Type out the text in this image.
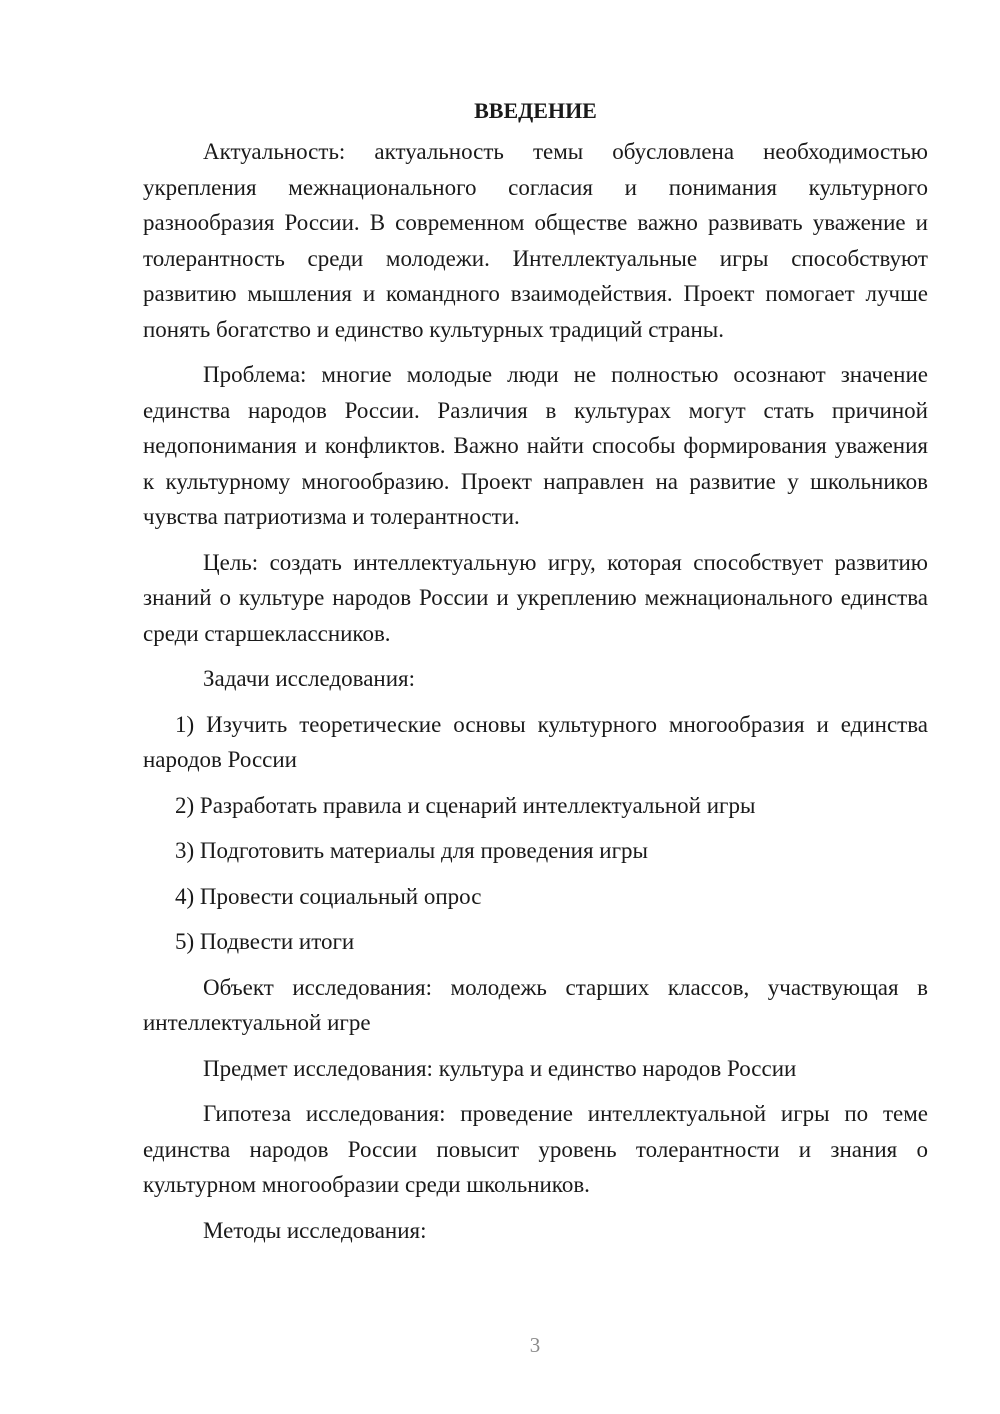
ВВЕДЕНИЕ

Актуальность: актуальность темы обусловлена необходимостью укрепления межнационального согласия и понимания культурного разнообразия России. В современном обществе важно развивать уважение и толерантность среди молодежи. Интеллектуальные игры способствуют развитию мышления и командного взаимодействия. Проект помогает лучше понять богатство и единство культурных традиций страны.

Проблема: многие молодые люди не полностью осознают значение единства народов России. Различия в культурах могут стать причиной недопонимания и конфликтов. Важно найти способы формирования уважения к культурному многообразию. Проект направлен на развитие у школьников чувства патриотизма и толерантности.

Цель: создать интеллектуальную игру, которая способствует развитию знаний о культуре народов России и укреплению межнационального единства среди старшеклассников.

Задачи исследования:

1) Изучить теоретические основы культурного многообразия и единства народов России

2) Разработать правила и сценарий интеллектуальной игры

3) Подготовить материалы для проведения игры

4) Провести социальный опрос

5) Подвести итоги

Объект исследования: молодежь старших классов, участвующая в интеллектуальной игре

Предмет исследования: культура и единство народов России

Гипотеза исследования: проведение интеллектуальной игры по теме единства народов России повысит уровень толерантности и знания о культурном многообразии среди школьников.

Методы исследования:

3
